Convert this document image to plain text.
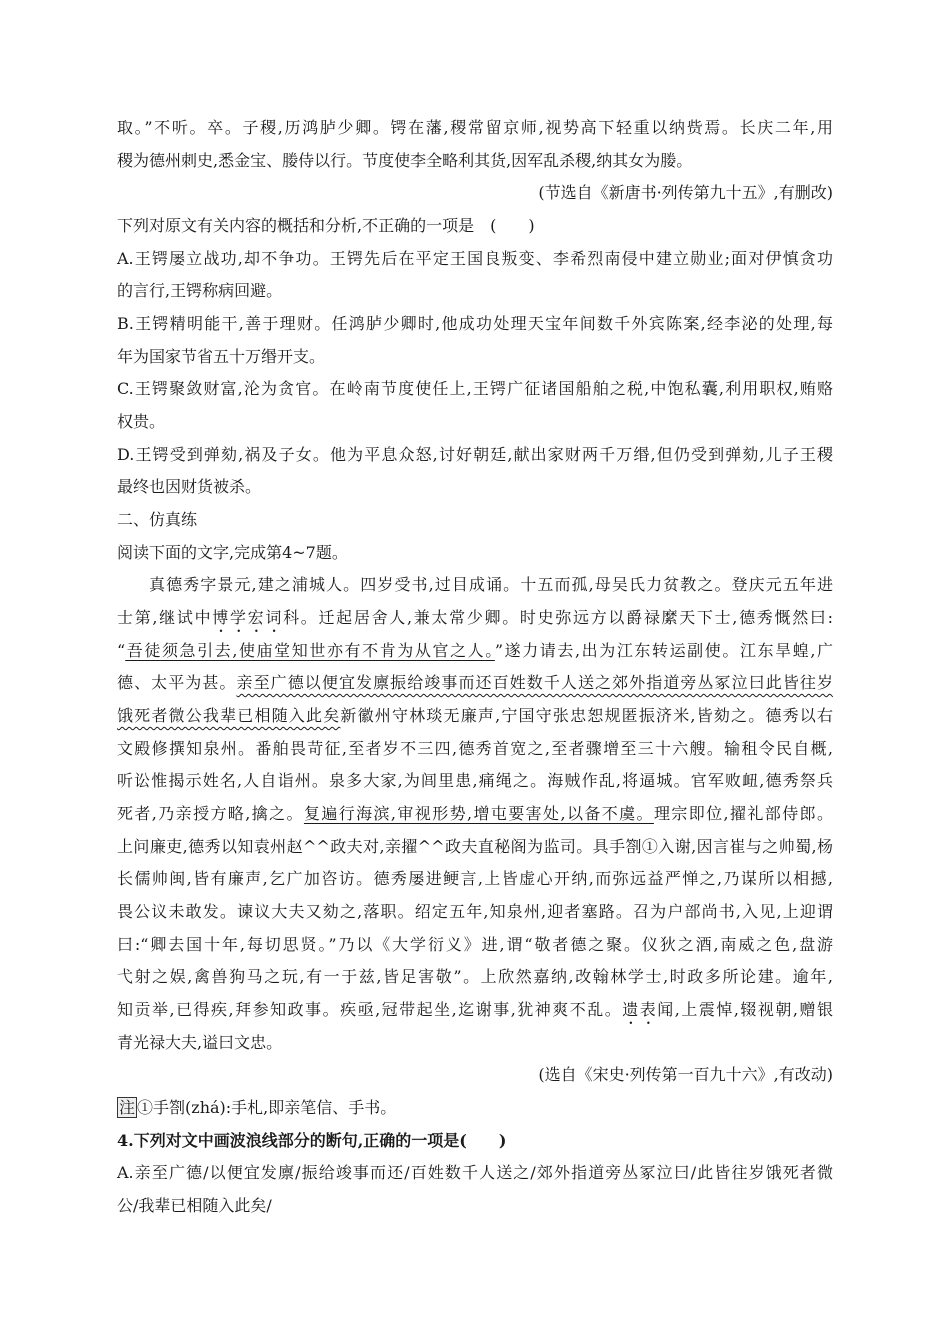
取。”不听。卒。子稷,历鸿胪少卿。锷在藩,稷常留京师,视势高下轻重以纳赀焉。长庆二年,用
稷为德州刺史,悉金宝、媵侍以行。节度使李全略利其货,因军乱杀稷,纳其女为媵。
(节选自《新唐书·列传第九十五》,有删改)
下列对原文有关内容的概括和分析,不正确的一项是　(　　)
A.王锷屡立战功,却不争功。王锷先后在平定王国良叛变、李希烈南侵中建立勋业;面对伊慎贪功
的言行,王锷称病回避。
B.王锷精明能干,善于理财。任鸿胪少卿时,他成功处理天宝年间数千外宾陈案,经李泌的处理,每
年为国家节省五十万缗开支。
C.王锷聚敛财富,沦为贪官。在岭南节度使任上,王锷广征诸国船舶之税,中饱私囊,利用职权,贿赂
权贵。
D.王锷受到弹劾,祸及子女。他为平息众怒,讨好朝廷,献出家财两千万缗,但仍受到弹劾,儿子王稷
最终也因财货被杀。
二、仿真练
阅读下面的文字,完成第4~7题。
真德秀字景元,建之浦城人。四岁受书,过目成诵。十五而孤,母吴氏力贫教之。登庆元五年进
士第,继试中博学宏词科。迁起居舍人,兼太常少卿。时史弥远方以爵禄縻天下士,德秀慨然曰:
“吾徒须急引去,使庙堂知世亦有不肯为从官之人。”遂力请去,出为江东转运副使。江东旱蝗,广
德、太平为甚。亲至广德以便宜发廪振给竣事而还百姓数千人送之郊外指道旁丛冢泣曰此皆往岁
饿死者微公我辈已相随入此矣新徽州守林琰无廉声,宁国守张忠恕规匿振济米,皆劾之。德秀以右
文殿修撰知泉州。番舶畏苛征,至者岁不三四,德秀首宽之,至者骤增至三十六艘。输租令民自概,
听讼惟揭示姓名,人自诣州。泉多大家,为闾里患,痛绳之。海贼作乱,将逼城。官军败衄,德秀祭兵
死者,乃亲授方略,擒之。复遍行海滨,审视形势,增屯要害处,以备不虞。理宗即位,擢礼部侍郎。
上问廉吏,德秀以知袁州赵^^政夫对,亲擢^^政夫直秘阁为监司。具手劄①入谢,因言崔与之帅蜀,杨
长儒帅闽,皆有廉声,乞广加咨访。德秀屡进鲠言,上皆虚心开纳,而弥远益严惮之,乃谋所以相撼,
畏公议未敢发。谏议大夫又劾之,落职。绍定五年,知泉州,迎者塞路。召为户部尚书,入见,上迎谓
曰:“卿去国十年,每切思贤。”乃以《大学衍义》进,谓“敬者德之聚。仪狄之酒,南威之色,盘游
弋射之娱,禽兽狗马之玩,有一于兹,皆足害敬”。上欣然嘉纳,改翰林学士,时政多所论建。逾年,
知贡举,已得疾,拜参知政事。疾亟,冠带起坐,迄谢事,犹神爽不乱。遗表闻,上震悼,辍视朝,赠银
青光禄大夫,谥曰文忠。
(选自《宋史·列传第一百九十六》,有改动)
注 ①手劄(zhá):手札,即亲笔信、手书。
4.下列对文中画波浪线部分的断句,正确的一项是(　　)
A.亲至广德/以便宜发廪/振给竣事而还/百姓数千人送之/郊外指道旁丛冢泣曰/此皆往岁饿死者微
公/我辈已相随入此矣/
